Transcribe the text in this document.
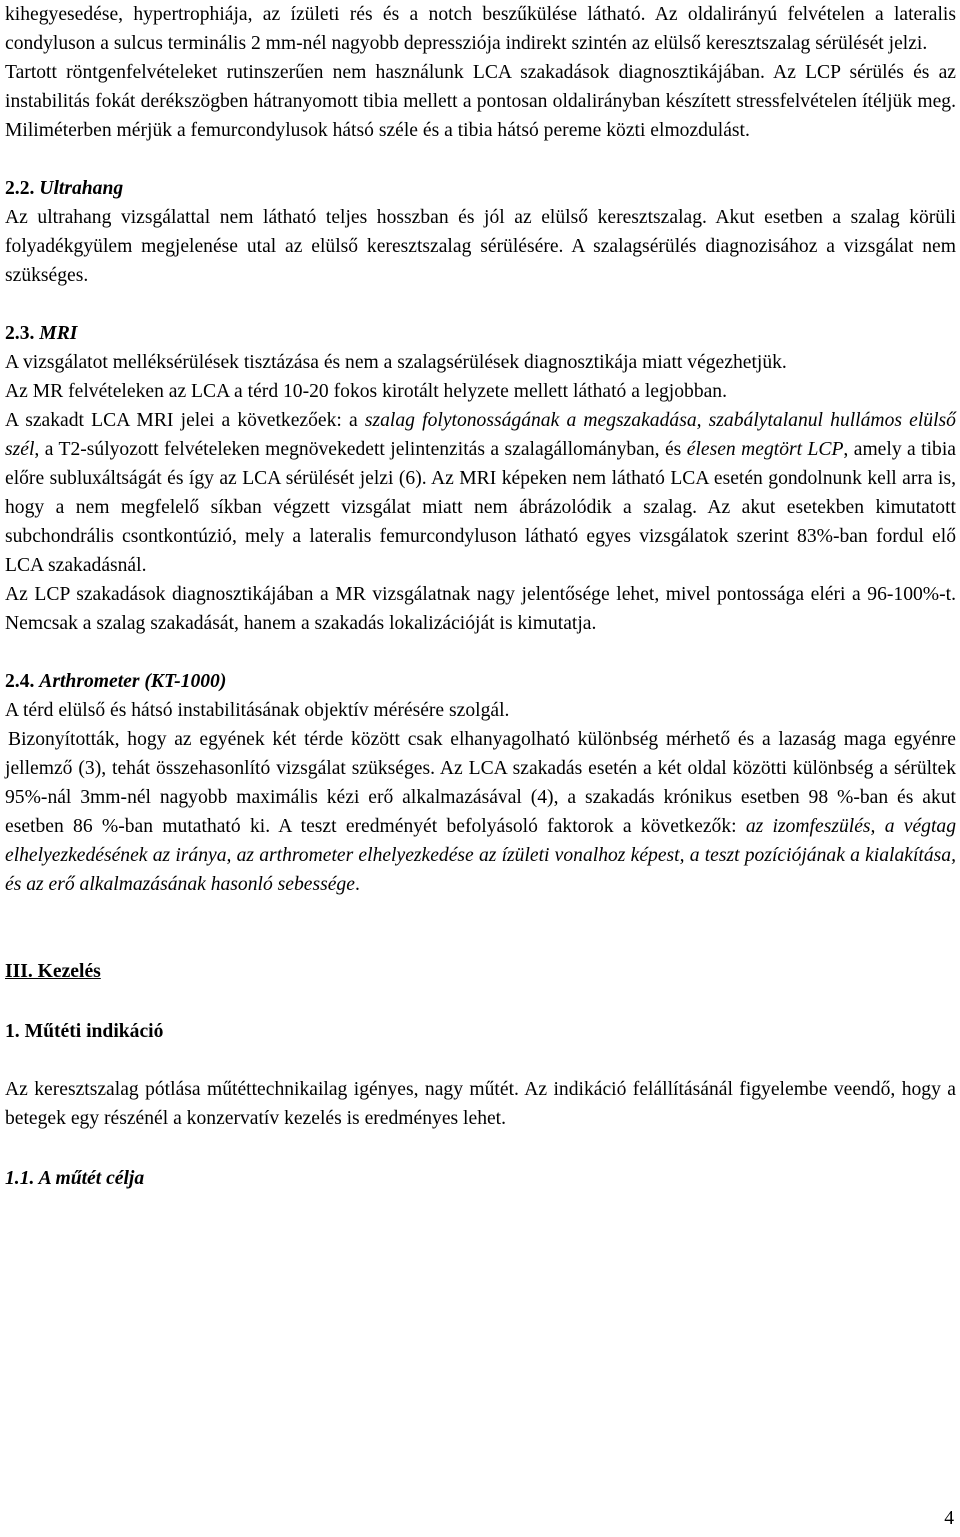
kihegyesedése, hypertrophiája, az ízületi rés és a notch beszűkülése látható. Az oldalirányú felvételen a lateralis condyluson a sulcus terminális 2 mm-nél nagyobb depressziója indirekt szintén az elülső keresztszalag sérülését jelzi.

Tartott röntgenfelvételeket rutinszerűen nem használunk LCA szakadások diagnosztikájában. Az LCP sérülés és az instabilitás fokát derékszögben hátranyomott tibia mellett a pontosan oldalirányban készített stressfelvételen ítéljük meg. Miliméterben mérjük a femurcondylusok hátsó széle és a tibia hátsó pereme közti elmozdulást.

2.2. Ultrahang

Az ultrahang vizsgálattal nem látható teljes hosszban és jól az elülső keresztszalag. Akut esetben a szalag körüli folyadékgyülem megjelenése utal az elülső keresztszalag sérülésére. A szalagsérülés diagnozisához a vizsgálat nem szükséges.

2.3. MRI

A vizsgálatot melléksérülések tisztázása és nem a szalagsérülések diagnosztikája miatt végezhetjük.

Az MR felvételeken az LCA a térd 10-20 fokos kirotált helyzete mellett látható a legjobban.

A szakadt LCA MRI jelei a következőek: a szalag folytonosságának a megszakadása, szabálytalanul hullámos elülső szél, a T2-súlyozott felvételeken megnövekedett jelintenzitás a szalagállományban, és élesen megtört LCP, amely a tibia előre subluxáltságát és így az LCA sérülését jelzi (6). Az MRI képeken nem látható LCA esetén gondolnunk kell arra is, hogy a nem megfelelő síkban végzett vizsgálat miatt nem ábrázolódik a szalag. Az akut esetekben kimutatott subchondrális csontkontúzió, mely a lateralis femurcondyluson látható egyes vizsgálatok szerint 83%-ban fordul elő LCA szakadásnál.

Az LCP szakadások diagnosztikájában a MR vizsgálatnak nagy jelentősége lehet, mivel pontossága eléri a 96-100%-t. Nemcsak a szalag szakadását, hanem a szakadás lokalizációját is kimutatja.

2.4. Arthrometer (KT-1000)

A térd elülső és hátsó instabilitásának objektív mérésére szolgál.

Bizonyították, hogy az egyének két térde között csak elhanyagolható különbség mérhető és a lazaság maga egyénre jellemző (3), tehát összehasonlító vizsgálat szükséges. Az LCA szakadás esetén a két oldal közötti különbség a sérültek 95%-nál 3mm-nél nagyobb maximális kézi erő alkalmazásával (4), a szakadás krónikus esetben 98 %-ban és akut esetben 86 %-ban mutatható ki. A teszt eredményét befolyásoló faktorok a következők: az izomfeszülés, a végtag elhelyezkedésének az iránya, az arthrometer elhelyezkedése az ízületi vonalhoz képest, a teszt pozíciójának a kialakítása, és az erő alkalmazásának hasonló sebessége.

III. Kezelés

1. Műtéti indikáció

Az keresztszalag pótlása műtéttechnikailag igényes, nagy műtét. Az indikáció felállításánál figyelembe veendő, hogy a betegek egy részénél a konzervatív kezelés is eredményes lehet.

1.1. A műtét célja

4
